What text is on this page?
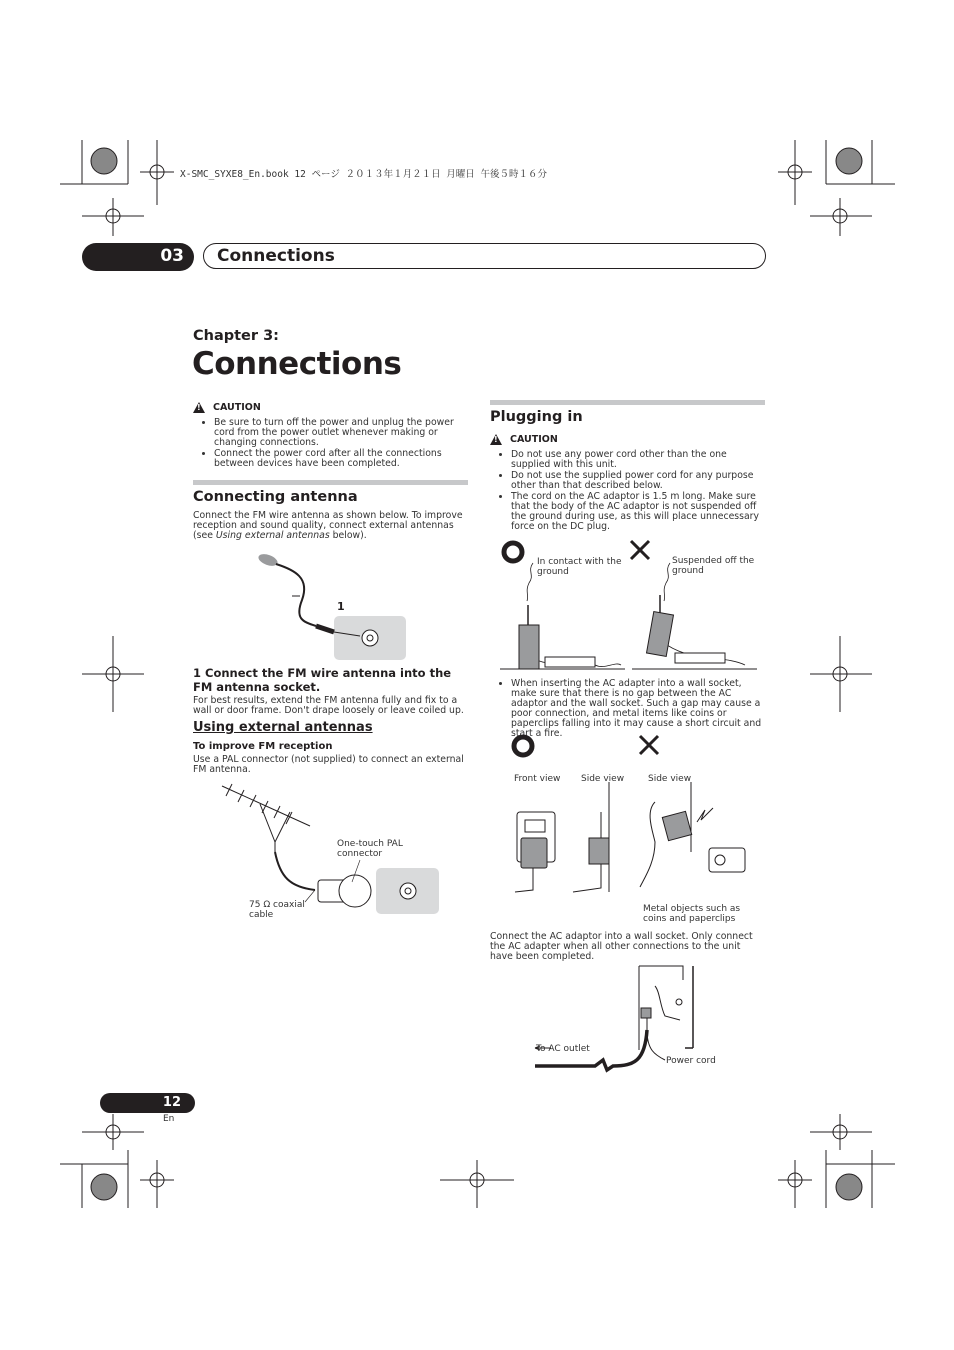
X-SMC_SYXE8_En.book 12 ページ ２０１３年１月２１日 月曜日 午後５時１６分
03	Connections
Chapter 3:
Connections
!
CAUTION
• Be sure to turn off the power and unplug the power cord from the power outlet whenever making or changing connections.
• Connect the power cord after all the connections between devices have been completed.
Connecting antenna
Connect the FM wire antenna as shown below. To improve reception and sound quality, connect external antennas (see Using external antennas below).
1
1 Connect the FM wire antenna into the FM antenna socket.
For best results, extend the FM antenna fully and fix to a wall or door frame. Don't drape loosely or leave coiled up.
Using external antennas
To improve FM reception
Use a PAL connector (not supplied) to connect an external FM antenna.
One-touch PAL connector
75 Ω coaxial cable
Plugging in
!
CAUTION
• Do not use any power cord other than the one supplied with this unit.
• Do not use the supplied power cord for any purpose other than that described below.
• The cord on the AC adaptor is 1.5 m long. Make sure that the body of the AC adaptor is not suspended off the ground during use, as this will place unnecessary force on the DC plug.
In contact with the ground
Suspended off the ground
• When inserting the AC adapter into a wall socket, make sure that there is no gap between the AC adaptor and the wall socket. Such a gap may cause a poor connection, and metal items like coins or paperclips falling into it may cause a short circuit and start a fire.
Front view Side view	Side view
Metal objects such as coins and paperclips
Connect the AC adaptor into a wall socket. Only connect the AC adapter when all other connections to the unit have been completed.
To AC outlet
Power cord
12
En
